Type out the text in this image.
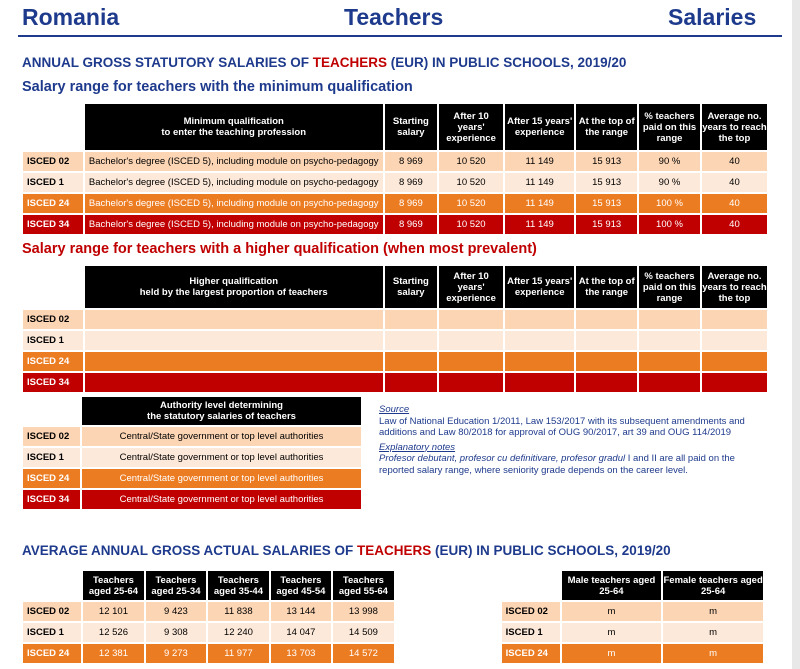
Romania	Teachers	Salaries
ANNUAL GROSS STATUTORY SALARIES OF TEACHERS (EUR) IN PUBLIC SCHOOLS, 2019/20
Salary range for teachers with the minimum qualification
	Minimum qualification
to enter the teaching profession	Starting salary	After 10 years' experience	After 15 years' experience	At the top of the range	% teachers paid on this range	Average no. years to reach the top
ISCED 02	Bachelor's degree (ISCED 5), including module on psycho-pedagogy	8 969	10 520	11 149	15 913	90 %	40
ISCED 1	Bachelor's degree (ISCED 5), including module on psycho-pedagogy	8 969	10 520	11 149	15 913	90 %	40
ISCED 24	Bachelor's degree (ISCED 5), including module on psycho-pedagogy	8 969	10 520	11 149	15 913	100 %	40
ISCED 34	Bachelor's degree (ISCED 5), including module on psycho-pedagogy	8 969	10 520	11 149	15 913	100 %	40
Salary range for teachers with a higher qualification (when most prevalent)
	Higher qualification
held by the largest proportion of teachers	Starting salary	After 10 years' experience	After 15 years' experience	At the top of the range	% teachers paid on this range	Average no. years to reach the top
ISCED 02							
ISCED 1							
ISCED 24							
ISCED 34							
	Authority level determining
the statutory salaries of teachers
ISCED 02	Central/State government or top level authorities
ISCED 1	Central/State government or top level authorities
ISCED 24	Central/State government or top level authorities
ISCED 34	Central/State government or top level authorities

Source
Law of National Education 1/2011, Law 153/2017 with its subsequent amendments and additions and Law 80/2018 for approval of OUG 90/2017, art 39 and OUG 114/2019

Explanatory notes
Profesor debutant, profesor cu definitivare, profesor gradul I and II are all paid on the reported salary range, where seniority grade depends on the career level.

AVERAGE ANNUAL GROSS ACTUAL SALARIES OF TEACHERS (EUR) IN PUBLIC SCHOOLS, 2019/20
	Teachers aged 25-64	Teachers aged 25-34	Teachers aged 35-44	Teachers aged 45-54	Teachers aged 55-64			Male teachers aged 25-64	Female teachers aged 25-64
ISCED 02	12 101	9 423	11 838	13 144	13 998		ISCED 02	m	m
ISCED 1	12 526	9 308	12 240	14 047	14 509		ISCED 1	m	m
ISCED 24	12 381	9 273	11 977	13 703	14 572		ISCED 24	m	m
